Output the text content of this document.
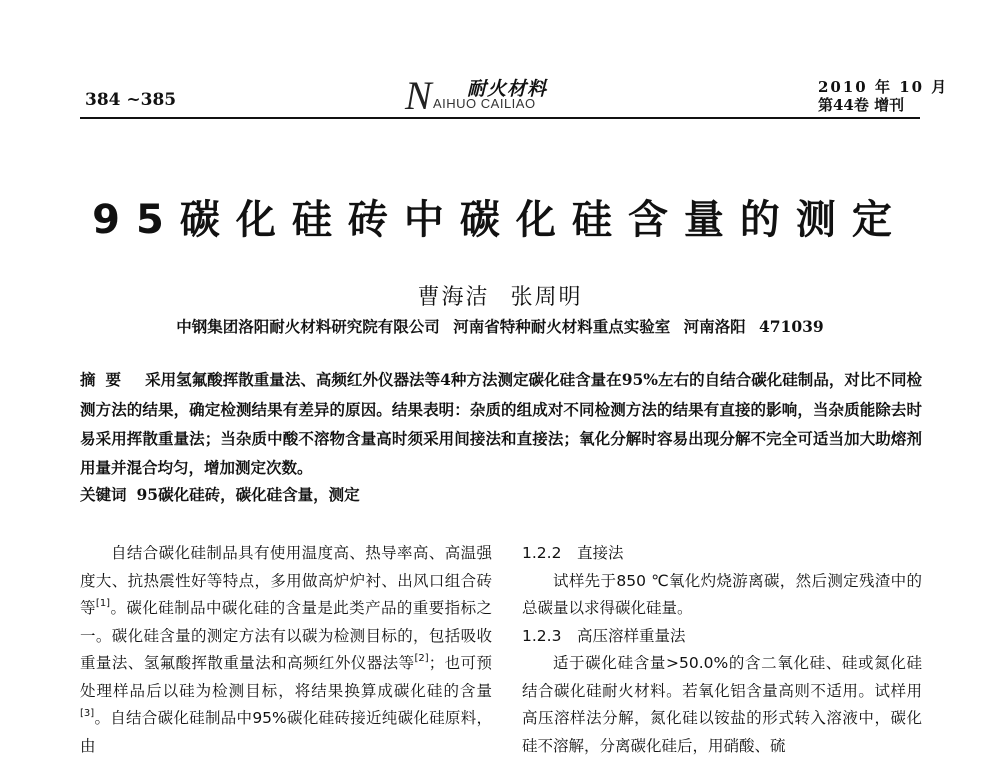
384 ~385	N 耐火材料
AIHUO CAILIAO
2010 年 10 月
第44卷 增刊
95碳化硅砖中碳化硅含量的测定
曹海洁 张周明
中钢集团洛阳耐火材料研究院有限公司 河南省特种耐火材料重点实验室 河南洛阳 471039
摘要 采用氢氟酸挥散重量法、高频红外仪器法等4种方法测定碳化硅含量在95%左右的自结合碳化硅制品，对比不同检测方法的结果，确定检测结果有差异的原因。结果表明：杂质的组成对不同检测方法的结果有直接的影响，当杂质能除去时易采用挥散重量法；当杂质中酸不溶物含量高时须采用间接法和直接法；氧化分解时容易出现分解不完全可适当加大助熔剂用量并混合均匀，增加测定次数。
关键词 95碳化硅砖，碳化硅含量，测定

自结合碳化硅制品具有使用温度高、热导率高、高温强度大、抗热震性好等特点，多用做高炉炉衬、出风口组合砖等[1]。碳化硅制品中碳化硅的含量是此类产品的重要指标之一。碳化硅含量的测定方法有以碳为检测目标的，包括吸收重量法、氢氟酸挥散重量法和高频红外仪器法等[2]；也可预处理样品后以硅为检测目标，将结果换算成碳化硅的含量[3]。自结合碳化硅制品中95%碳化硅砖接近纯碳化硅原料，由

1.2.2　直接法

试样先于850 ℃氧化灼烧游离碳，然后测定残渣中的总碳量以求得碳化硅量。

1.2.3　高压溶样重量法

适于碳化硅含量>50.0%的含二氧化硅、硅或氮化硅结合碳化硅耐火材料。若氧化铝含量高则不适用。试样用高压溶样法分解，氮化硅以铵盐的形式转入溶液中，碳化硅不溶解，分离碳化硅后，用硝酸、硫
